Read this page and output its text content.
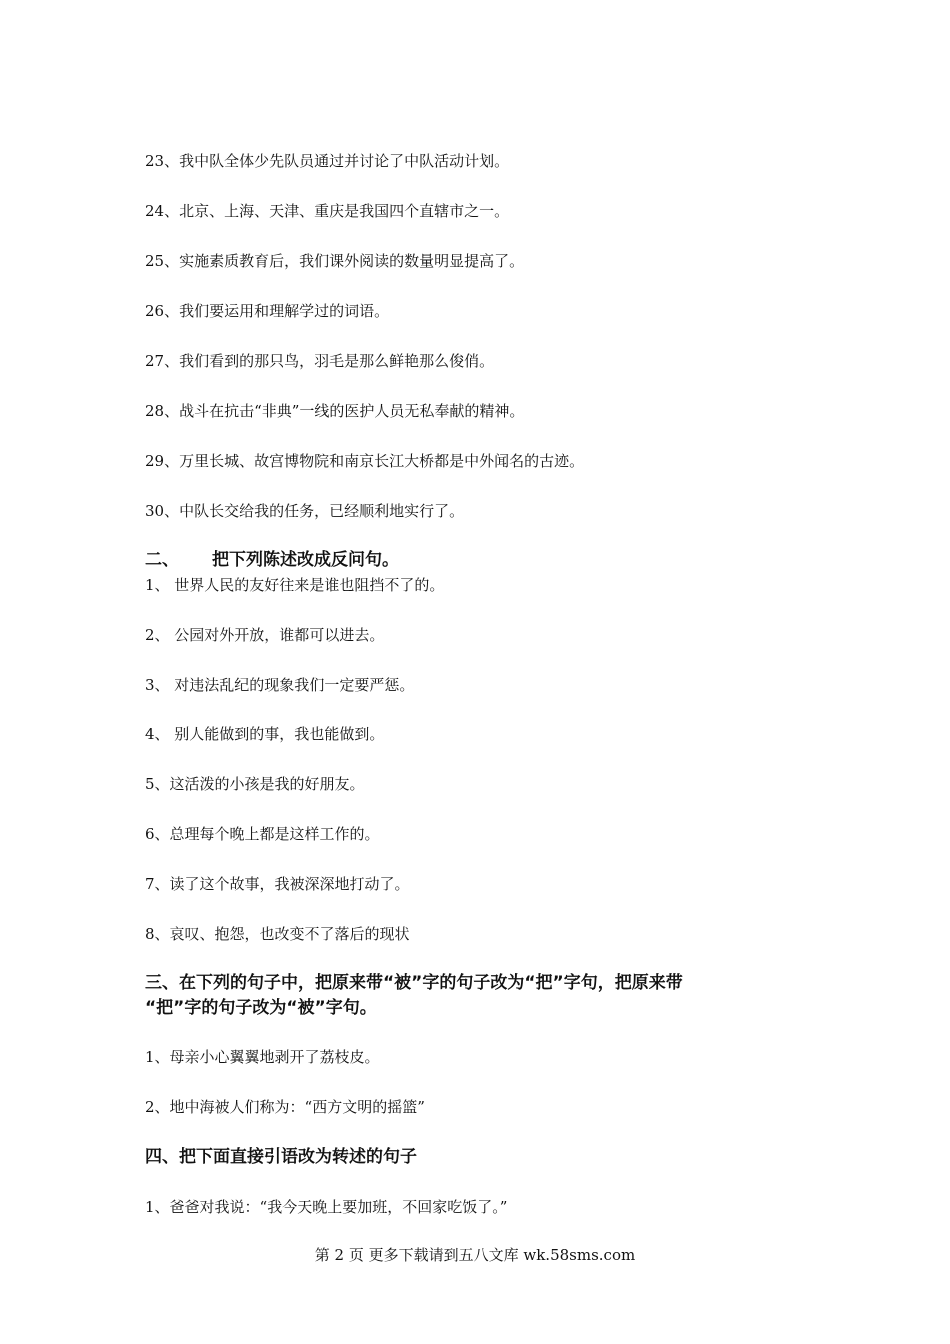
23、我中队全体少先队员通过并讨论了中队活动计划。
24、北京、上海、天津、重庆是我国四个直辖市之一。
25、实施素质教育后，我们课外阅读的数量明显提高了。
26、我们要运用和理解学过的词语。
27、我们看到的那只鸟，羽毛是那么鲜艳那么俊俏。
28、战斗在抗击“非典”一线的医护人员无私奉献的精神。
29、万里长城、故宫博物院和南京长江大桥都是中外闻名的古迹。
30、中队长交给我的任务，已经顺利地实行了。
二、 把下列陈述改成反问句。
1、 世界人民的友好往来是谁也阻挡不了的。
2、 公园对外开放，谁都可以进去。
3、 对违法乱纪的现象我们一定要严惩。
4、 别人能做到的事，我也能做到。
5、这活泼的小孩是我的好朋友。
6、总理每个晚上都是这样工作的。
7、读了这个故事，我被深深地打动了。
8、哀叹、抱怨，也改变不了落后的现状
三、在下列的句子中，把原来带“被”字的句子改为“把”字句，把原来带
“把”字的句子改为“被”字句。
1、母亲小心翼翼地剥开了荔枝皮。
2、地中海被人们称为：“西方文明的摇篮”
四、把下面直接引语改为转述的句子
1、爸爸对我说：“我今天晚上要加班，不回家吃饭了。”
第 2 页 更多下载请到五八文库 wk.58sms.com
